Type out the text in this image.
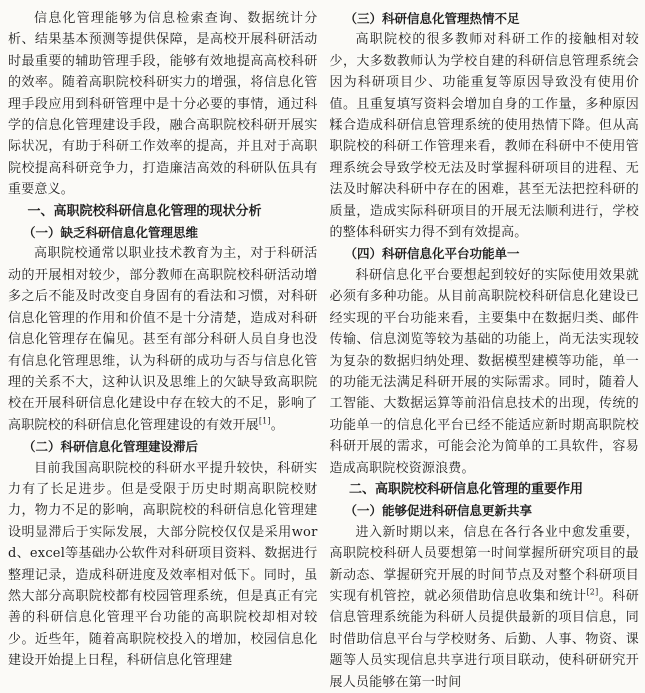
信息化管理能够为信息检索查询、数据统计分析、结果基本预测等提供保障，是高校开展科研活动时最重要的辅助管理手段，能够有效地提高高校科研的效率。随着高职院校科研实力的增强，将信息化管理手段应用到科研管理中是十分必要的事情，通过科学的信息化管理建设手段，融合高职院校科研开展实际状况，有助于科研工作效率的提高，并且对于高职院校提高科研竞争力，打造廉洁高效的科研队伍具有重要意义。

一、高职院校科研信息化管理的现状分析

（一）缺乏科研信息化管理思维

高职院校通常以职业技术教育为主，对于科研活动的开展相对较少，部分教师在高职院校科研活动增多之后不能及时改变自身固有的看法和习惯，对科研信息化管理的作用和价值不是十分清楚，造成对科研信息化管理存在偏见。甚至有部分科研人员自身也没有信息化管理思维，认为科研的成功与否与信息化管理的关系不大，这种认识及思维上的欠缺导致高职院校在开展科研信息化建设中存在较大的不足，影响了高职院校的科研信息化管理建设的有效开展[1]。

（二）科研信息化管理建设滞后

目前我国高职院校的科研水平提升较快，科研实力有了长足进步。但是受限于历史时期高职院校财力，物力不足的影响，高职院校的科研信息化管理建设明显滞后于实际发展，大部分院校仅仅是采用word、excel等基础办公软件对科研项目资料、数据进行整理记录，造成科研进度及效率相对低下。同时，虽然大部分高职院校都有校园管理系统，但是真正有完善的科研信息化管理平台功能的高职院校却相对较少。近些年，随着高职院校投入的增加，校园信息化建设开始提上日程，科研信息化管理建

（三）科研信息化管理热情不足

高职院校的很多教师对科研工作的接触相对较少，大多数教师认为学校自建的科研信息管理系统会因为科研项目少、功能重复等原因导致没有使用价值。且重复填写资料会增加自身的工作量，多种原因糅合造成科研信息管理系统的使用热情下降。但从高职院校的科研工作管理来看，教师在科研中不使用管理系统会导致学校无法及时掌握科研项目的进程、无法及时解决科研中存在的困难，甚至无法把控科研的质量，造成实际科研项目的开展无法顺利进行，学校的整体科研实力得不到有效提高。

（四）科研信息化平台功能单一

科研信息化平台要想起到较好的实际使用效果就必须有多种功能。从目前高职院校科研信息化建设已经实现的平台功能来看，主要集中在数据归类、邮件传输、信息浏览等较为基础的功能上，尚无法实现较为复杂的数据归纳处理、数据模型建模等功能，单一的功能无法满足科研开展的实际需求。同时，随着人工智能、大数据运算等前沿信息技术的出现，传统的功能单一的信息化平台已经不能适应新时期高职院校科研开展的需求，可能会沦为简单的工具软件，容易造成高职院校资源浪费。

二、高职院校科研信息化管理的重要作用

（一）能够促进科研信息更新共享

进入新时期以来，信息在各行各业中愈发重要，高职院校科研人员要想第一时间掌握所研究项目的最新动态、掌握研究开展的时间节点及对整个科研项目实现有机管控，就必须借助信息收集和统计[2]。科研信息管理系统能为科研人员提供最新的项目信息，同时借助信息平台与学校财务、后勤、人事、物资、课题等人员实现信息共享进行项目联动，使科研研究开展人员能够在第一时间
